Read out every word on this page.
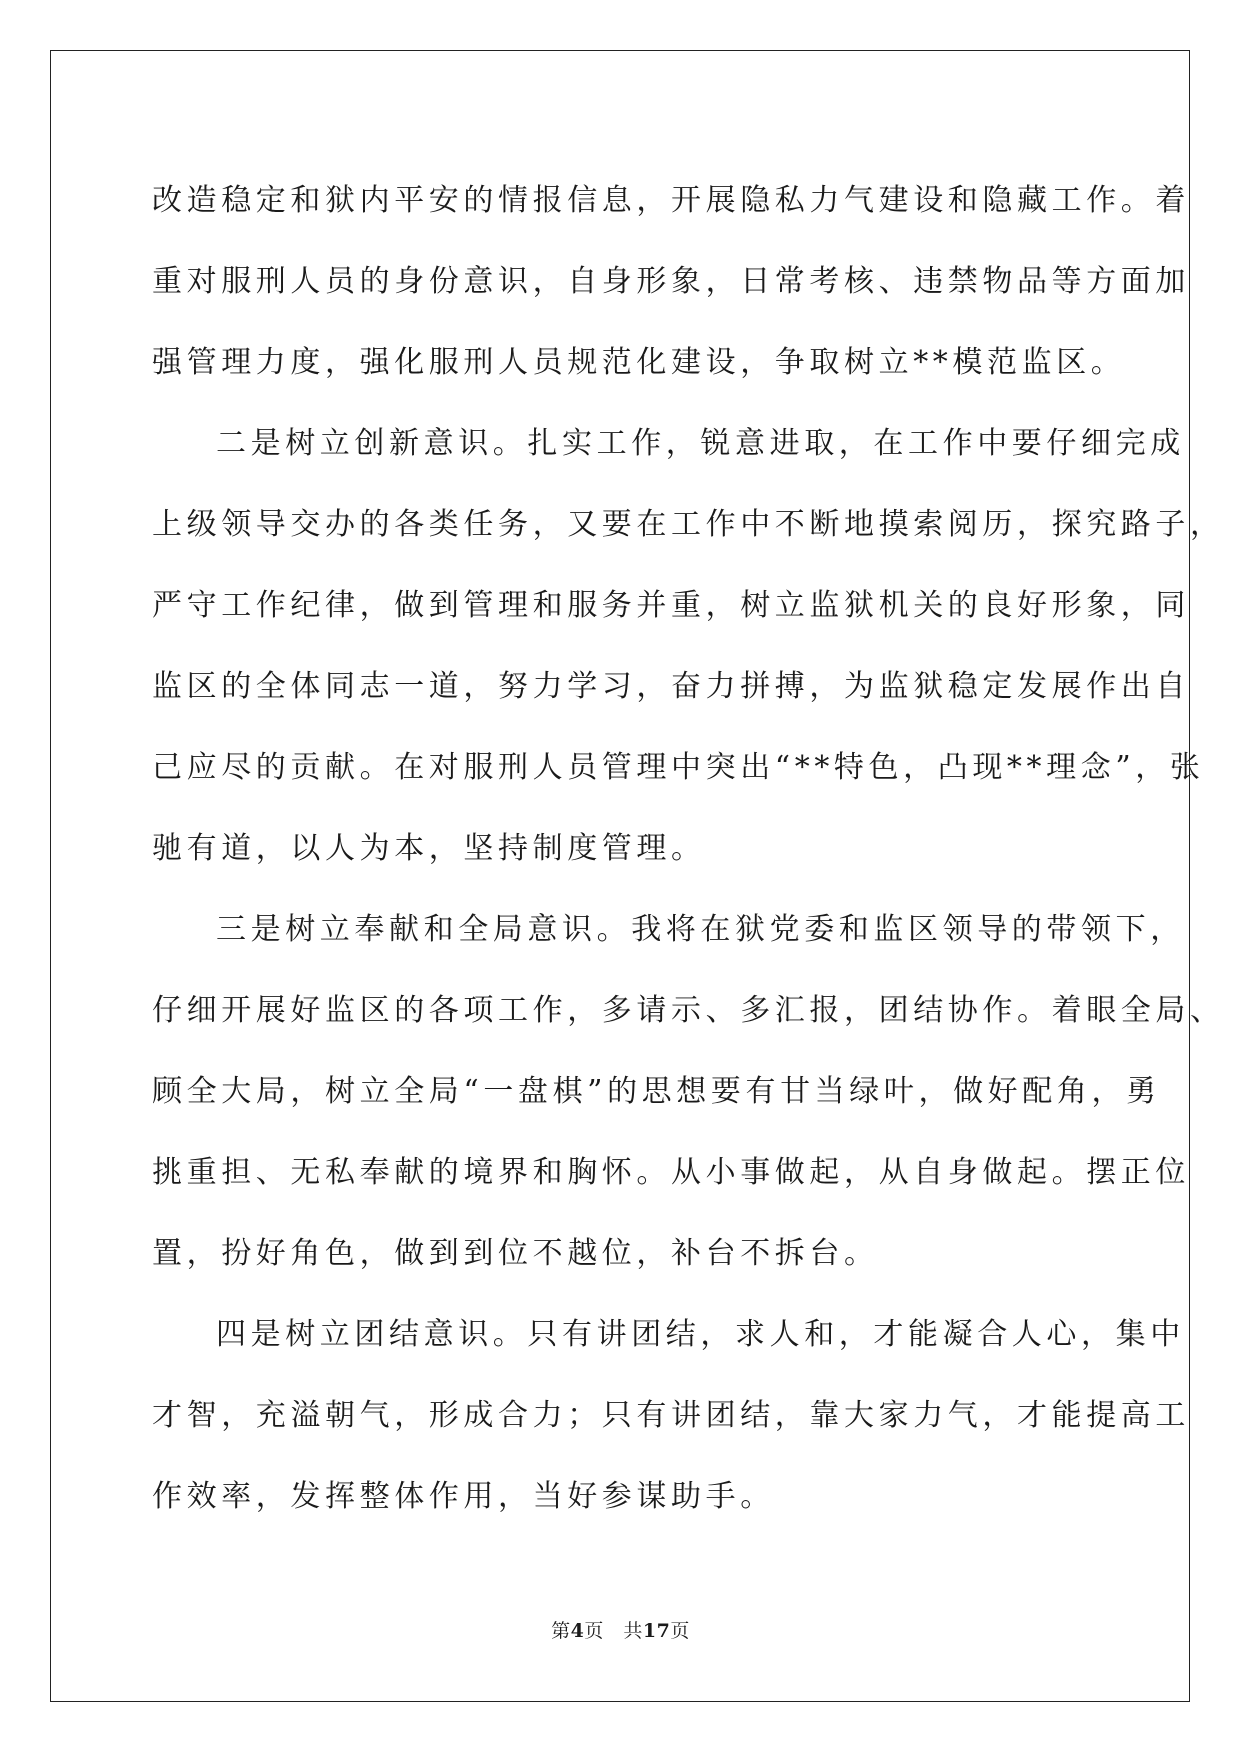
改造稳定和狱内平安的情报信息，开展隐私力气建设和隐藏工作。着
重对服刑人员的身份意识，自身形象，日常考核、违禁物品等方面加
强管理力度，强化服刑人员规范化建设，争取树立**模范监区。
二是树立创新意识。扎实工作，锐意进取，在工作中要仔细完成
上级领导交办的各类任务，又要在工作中不断地摸索阅历，探究路子，
严守工作纪律，做到管理和服务并重，树立监狱机关的良好形象，同
监区的全体同志一道，努力学习，奋力拼搏，为监狱稳定发展作出自
己应尽的贡献。在对服刑人员管理中突出“**特色，凸现**理念”，张
驰有道，以人为本，坚持制度管理。
三是树立奉献和全局意识。我将在狱党委和监区领导的带领下，
仔细开展好监区的各项工作，多请示、多汇报，团结协作。着眼全局、
顾全大局，树立全局“一盘棋”的思想要有甘当绿叶，做好配角，勇
挑重担、无私奉献的境界和胸怀。从小事做起，从自身做起。摆正位
置，扮好角色，做到到位不越位，补台不拆台。
四是树立团结意识。只有讲团结，求人和，才能凝合人心，集中
才智，充溢朝气，形成合力；只有讲团结，靠大家力气，才能提高工
作效率，发挥整体作用，当好参谋助手。
第4页　共17页
